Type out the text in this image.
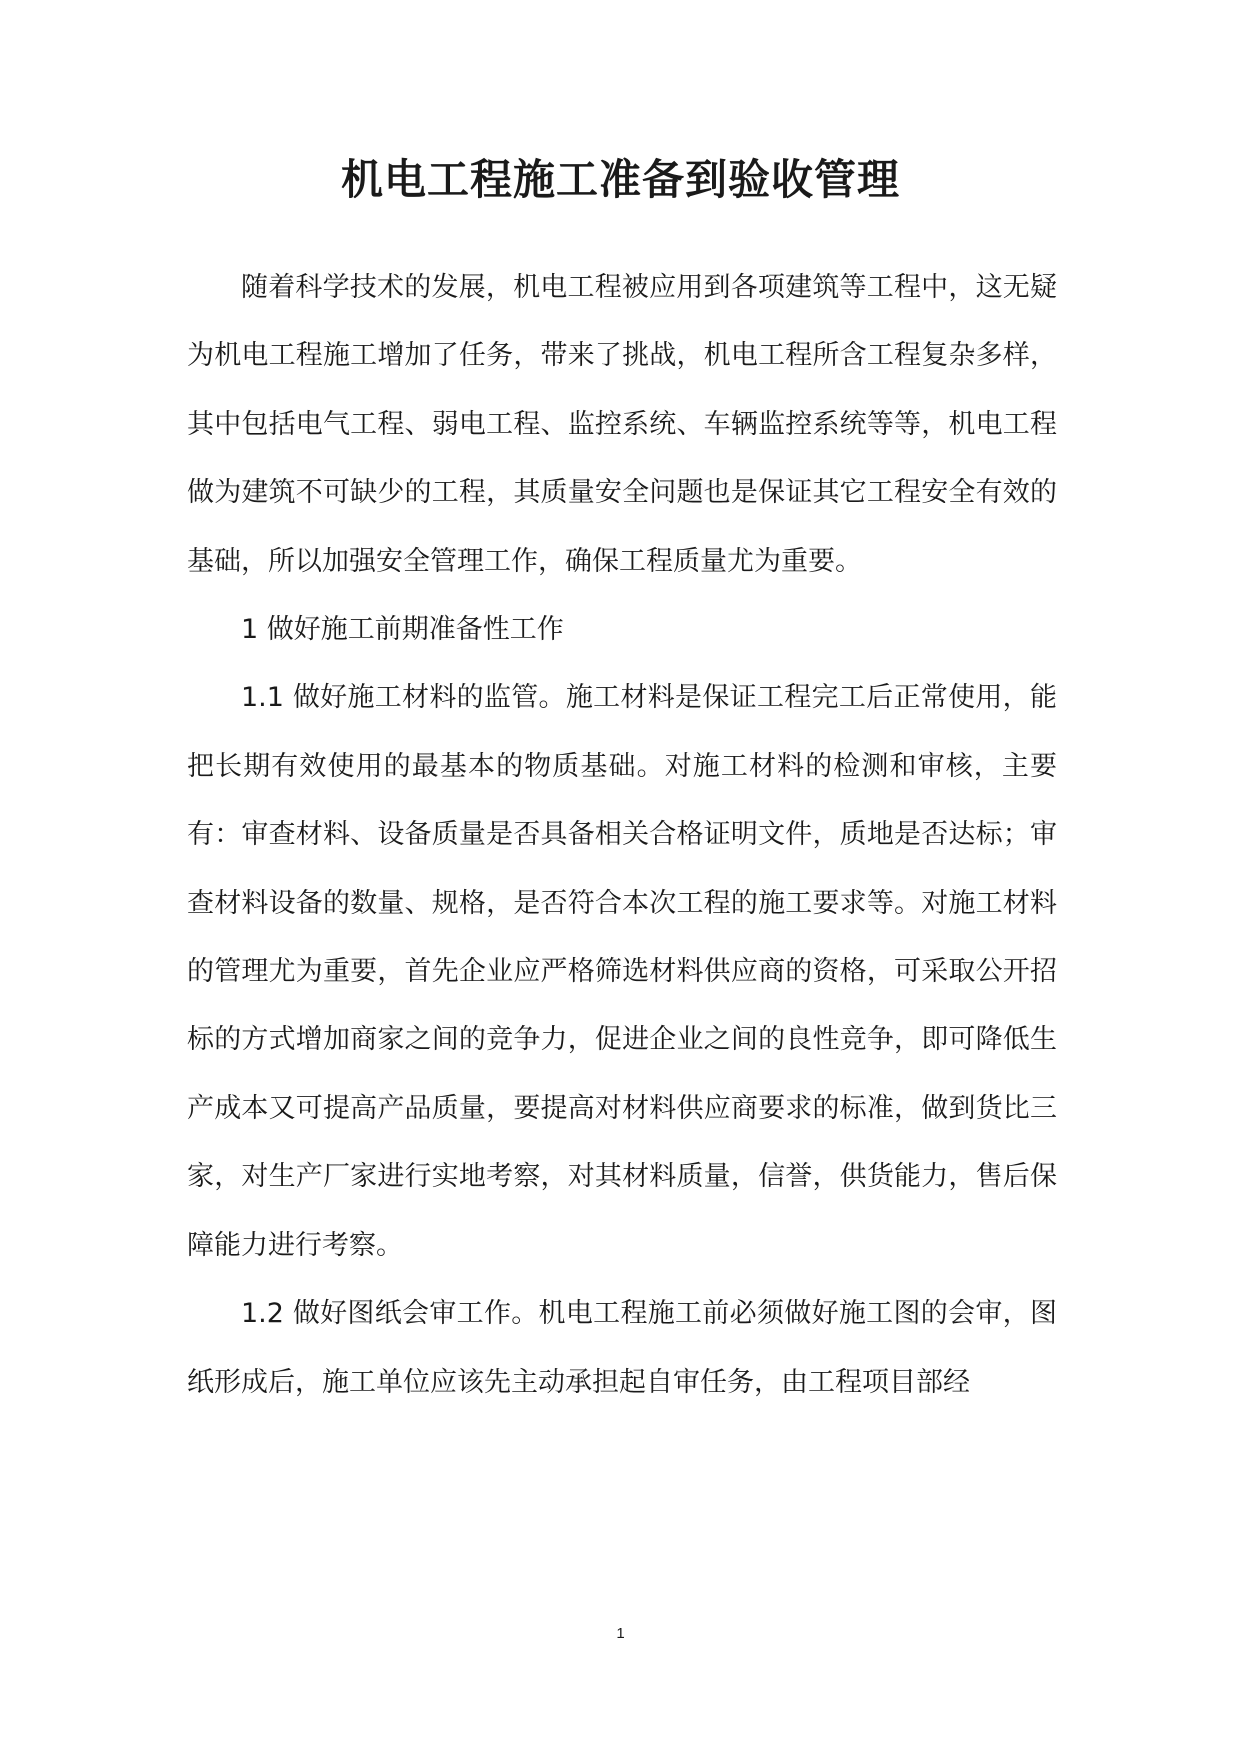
机电工程施工准备到验收管理

随着科学技术的发展，机电工程被应用到各项建筑等工程中，这无疑为机电工程施工增加了任务，带来了挑战，机电工程所含工程复杂多样，其中包括电气工程、弱电工程、监控系统、车辆监控系统等等，机电工程做为建筑不可缺少的工程，其质量安全问题也是保证其它工程安全有效的基础，所以加强安全管理工作，确保工程质量尤为重要。

1 做好施工前期准备性工作

1.1 做好施工材料的监管。施工材料是保证工程完工后正常使用，能把长期有效使用的最基本的物质基础。对施工材料的检测和审核，主要有：审查材料、设备质量是否具备相关合格证明文件，质地是否达标；审查材料设备的数量、规格，是否符合本次工程的施工要求等。对施工材料的管理尤为重要，首先企业应严格筛选材料供应商的资格，可采取公开招标的方式增加商家之间的竞争力，促进企业之间的良性竞争，即可降低生产成本又可提高产品质量，要提高对材料供应商要求的标准，做到货比三家，对生产厂家进行实地考察，对其材料质量，信誉，供货能力，售后保障能力进行考察。

1.2 做好图纸会审工作。机电工程施工前必须做好施工图的会审，图纸形成后，施工单位应该先主动承担起自审任务，由工程项目部经

1
